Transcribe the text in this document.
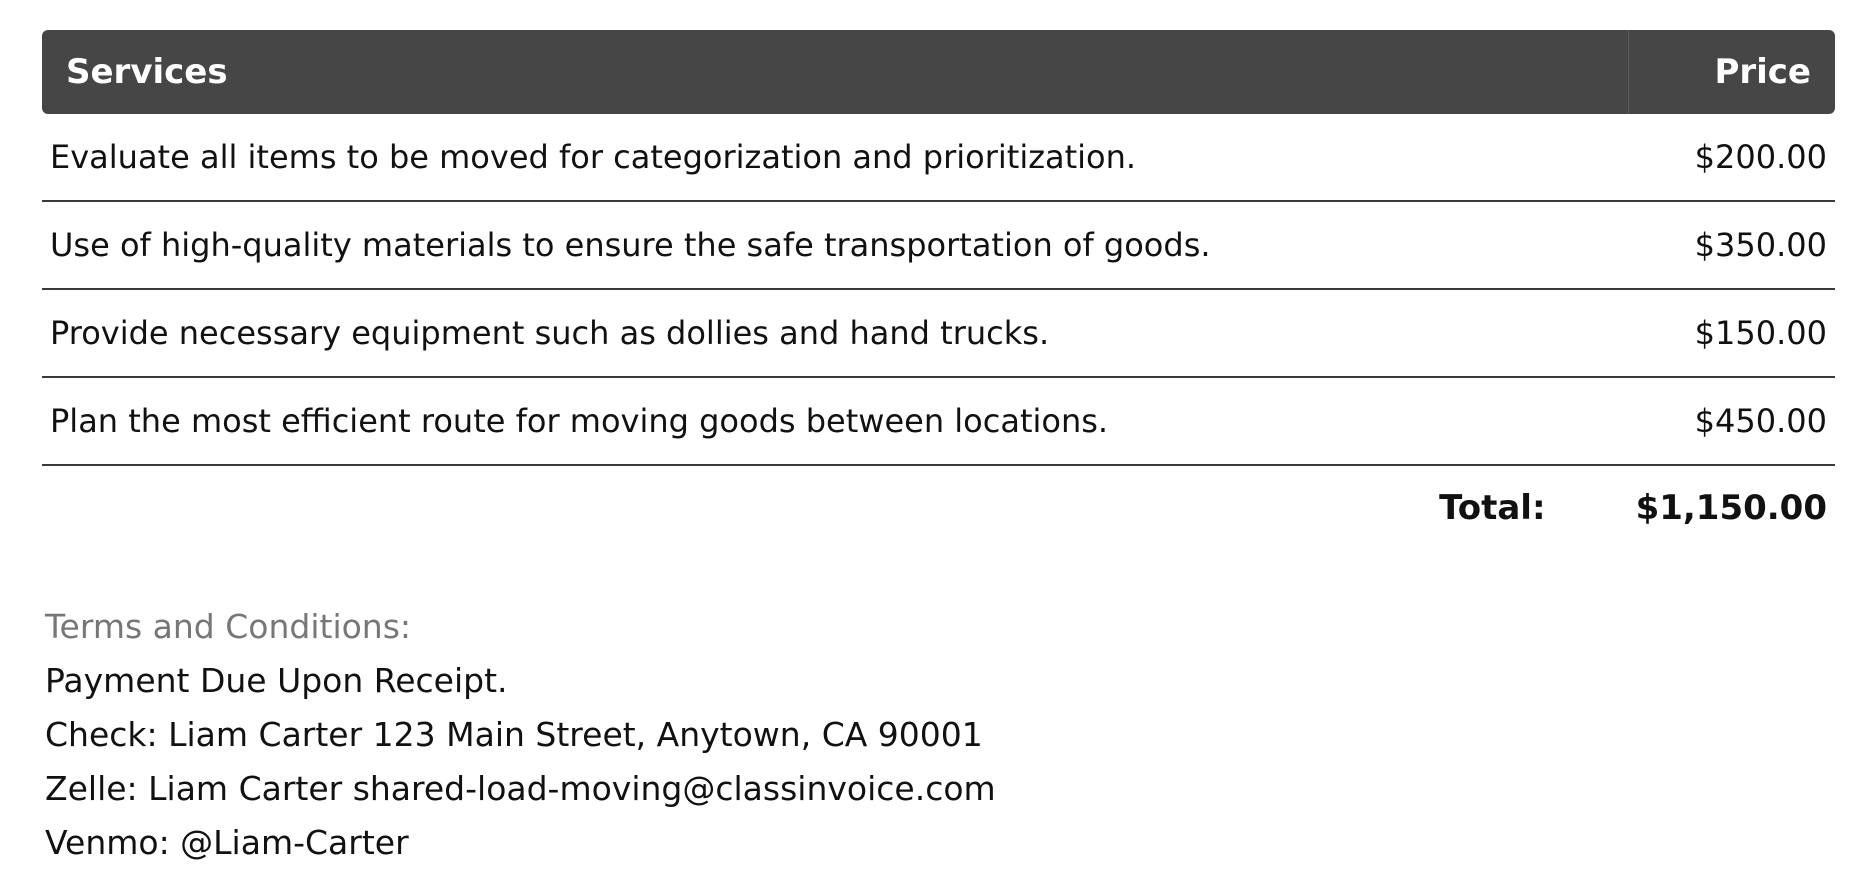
Services	Price
Evaluate all items to be moved for categorization and prioritization.	$200.00
Use of high-quality materials to ensure the safe transportation of goods.	$350.00
Provide necessary equipment such as dollies and hand trucks.	$150.00
Plan the most efficient route for moving goods between locations.	$450.00
Total:	$1,150.00
Terms and Conditions:
Payment Due Upon Receipt.
Check: Liam Carter 123 Main Street, Anytown, CA 90001
Zelle: Liam Carter shared-load-moving@classinvoice.com
Venmo: @Liam-Carter
